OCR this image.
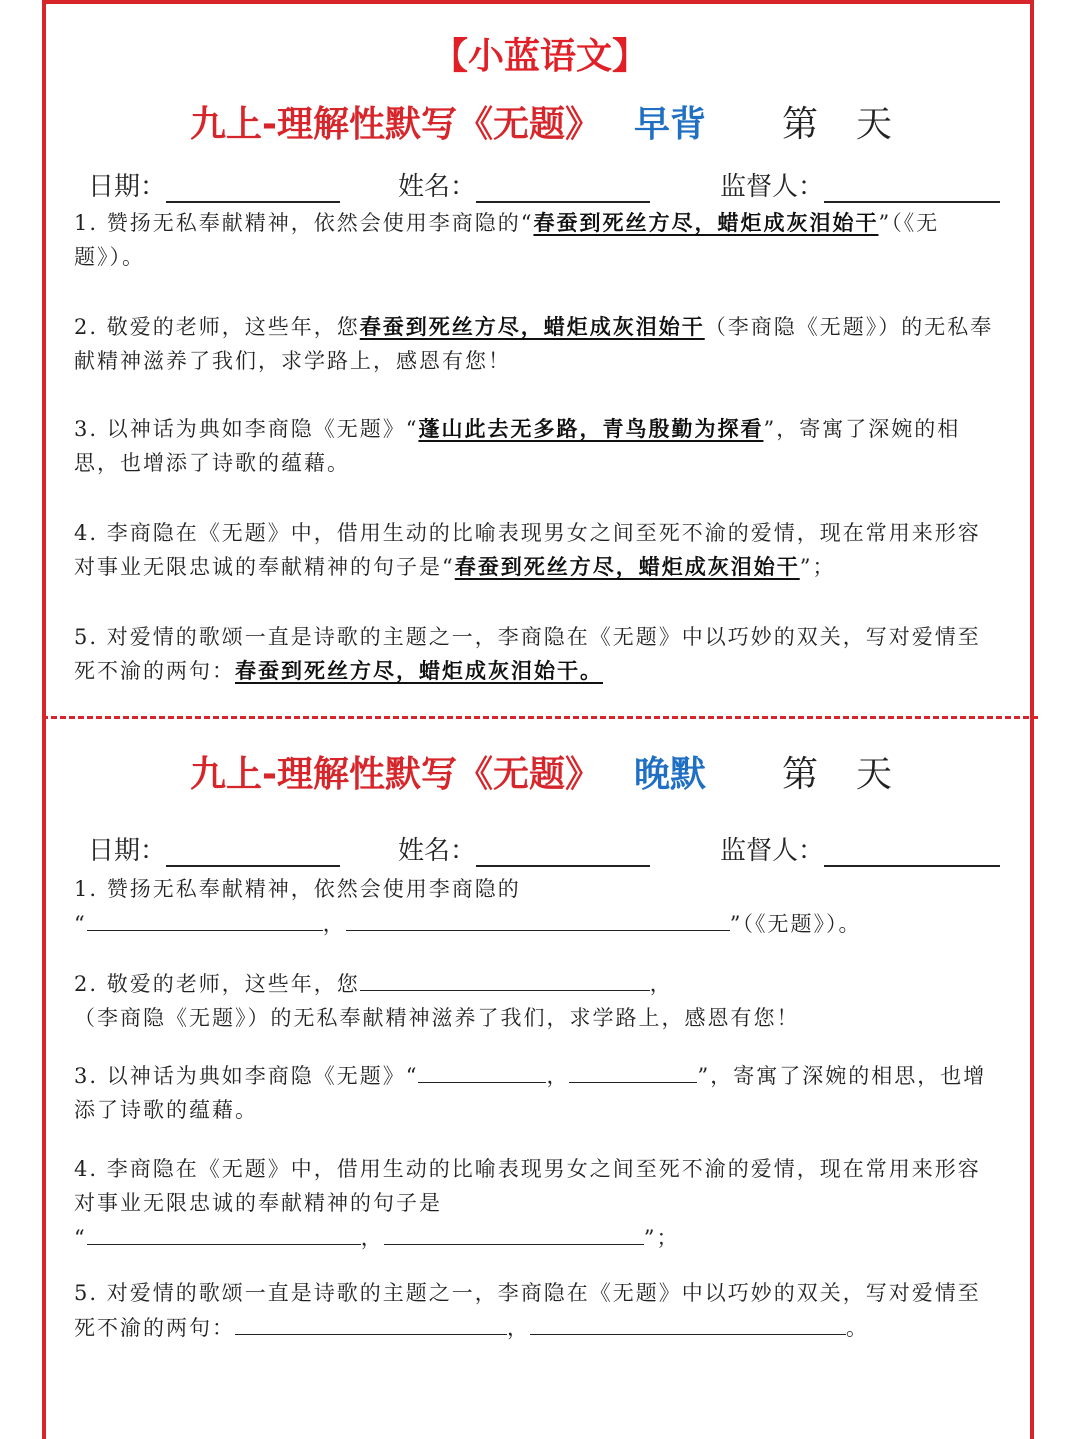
【小蓝语文】
九上-理解性默写《无题》 早背 第天
日期：	姓名：	监督人：
1. 赞扬无私奉献精神，依然会使用李商隐的“春蚕到死丝方尽，蜡炬成灰泪始干”（《无题》）。
2. 敬爱的老师，这些年，您春蚕到死丝方尽，蜡炬成灰泪始干（李商隐《无题》）的无私奉献精神滋养了我们，求学路上，感恩有您！
3. 以神话为典如李商隐《无题》“蓬山此去无多路，青鸟殷勤为探看”，寄寓了深婉的相思，也增添了诗歌的蕴藉。
4. 李商隐在《无题》中，借用生动的比喻表现男女之间至死不渝的爱情，现在常用来形容对事业无限忠诚的奉献精神的句子是“春蚕到死丝方尽，蜡炬成灰泪始干”；
5. 对爱情的歌颂一直是诗歌的主题之一，李商隐在《无题》中以巧妙的双关，写对爱情至死不渝的两句：春蚕到死丝方尽，蜡炬成灰泪始干。
九上-理解性默写《无题》 晚默 第天
日期：	姓名：	监督人：
1. 赞扬无私奉献精神，依然会使用李商隐的
“	，	”（《无题》）。
2. 敬爱的老师，这些年，您	，
（李商隐《无题》）的无私奉献精神滋养了我们，求学路上，感恩有您！
3. 以神话为典如李商隐《无题》“	，	”，寄寓了深婉的相思，也增添了诗歌的蕴藉。
4. 李商隐在《无题》中，借用生动的比喻表现男女之间至死不渝的爱情，现在常用来形容对事业无限忠诚的奉献精神的句子是
“	，	”；
5. 对爱情的歌颂一直是诗歌的主题之一，李商隐在《无题》中以巧妙的双关，写对爱情至死不渝的两句：	，	。
